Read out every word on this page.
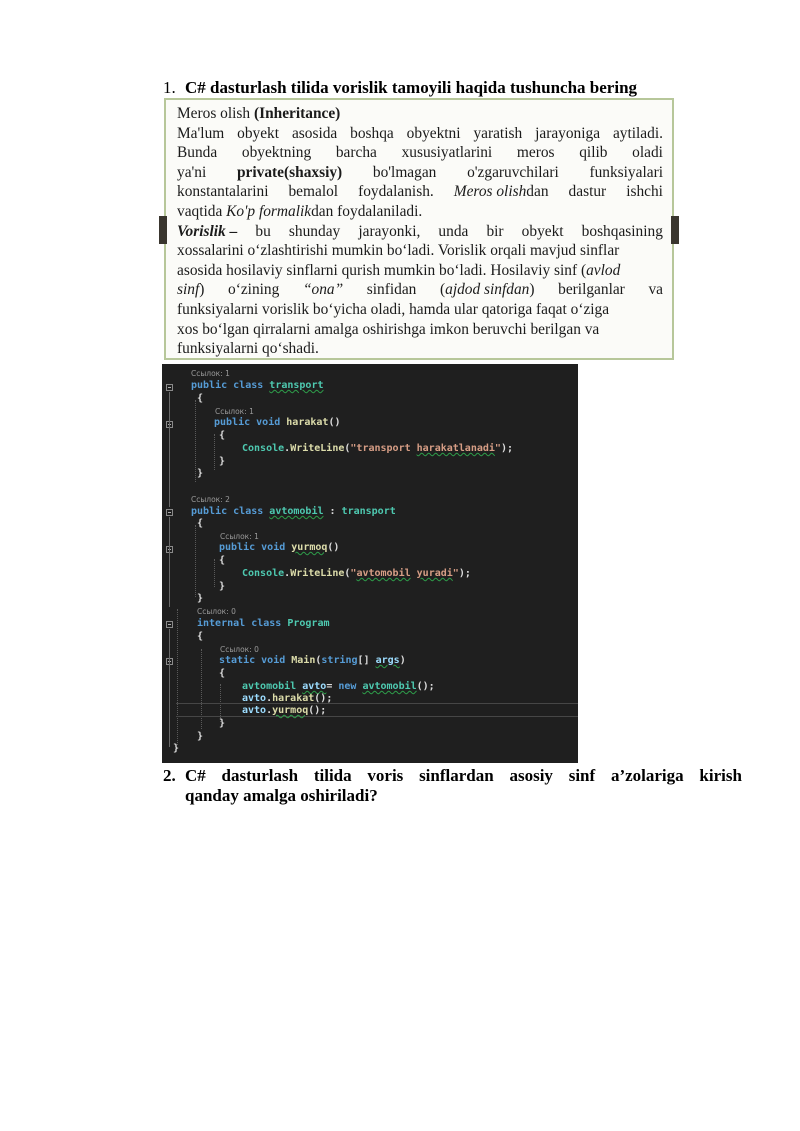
1. C# dasturlash tilida vorislik tamoyili haqida tushuncha bering
Meros olish (Inheritance)
Ma'lum obyekt asosida boshqa obyektni yaratish jarayoniga aytiladi.
Bunda obyektning barcha xususiyatlarini meros qilib oladi
ya'ni private(shaxsiy) bo'lmagan o'zgaruvchilari funksiyalari
konstantalarini bemalol foydalanish. Meros olishdan dastur ishchi
vaqtida Ko'p formalikdan foydalaniladi.
Vorislik – bu shunday jarayonki, unda bir obyekt boshqasining
xossalarini o‘zlashtirishi mumkin bo‘ladi. Vorislik orqali mavjud sinflar
asosida hosilaviy sinflarni qurish mumkin bo‘ladi. Hosilaviy sinf (avlod
sinf) o‘zining “ona” sinfidan (ajdod sinfdan) berilganlar va
funksiyalarni vorislik bo‘yicha oladi, hamda ular qatoriga faqat o‘ziga
xos bo‘lgan qirralarni amalga oshirishga imkon beruvchi berilgan va
funksiyalarni qo‘shadi.
Ссылок: 1
public class transport
{
Ссылок: 1
public void harakat()
{
Console.WriteLine("transport harakatlanadi");
}
}
Ссылок: 2
public class avtomobil : transport
{
Ссылок: 1
public void yurmoq()
{
Console.WriteLine("avtomobil yuradi");
}
}
Ссылок: 0
internal class Program
{
Ссылок: 0
static void Main(string[] args)
{
avtomobil avto= new avtomobil();
avto.harakat();
avto.yurmoq();
}
}
}
2. C# dasturlash tilida voris sinflardan asosiy sinf a’zolariga kirish
qanday amalga oshiriladi?
